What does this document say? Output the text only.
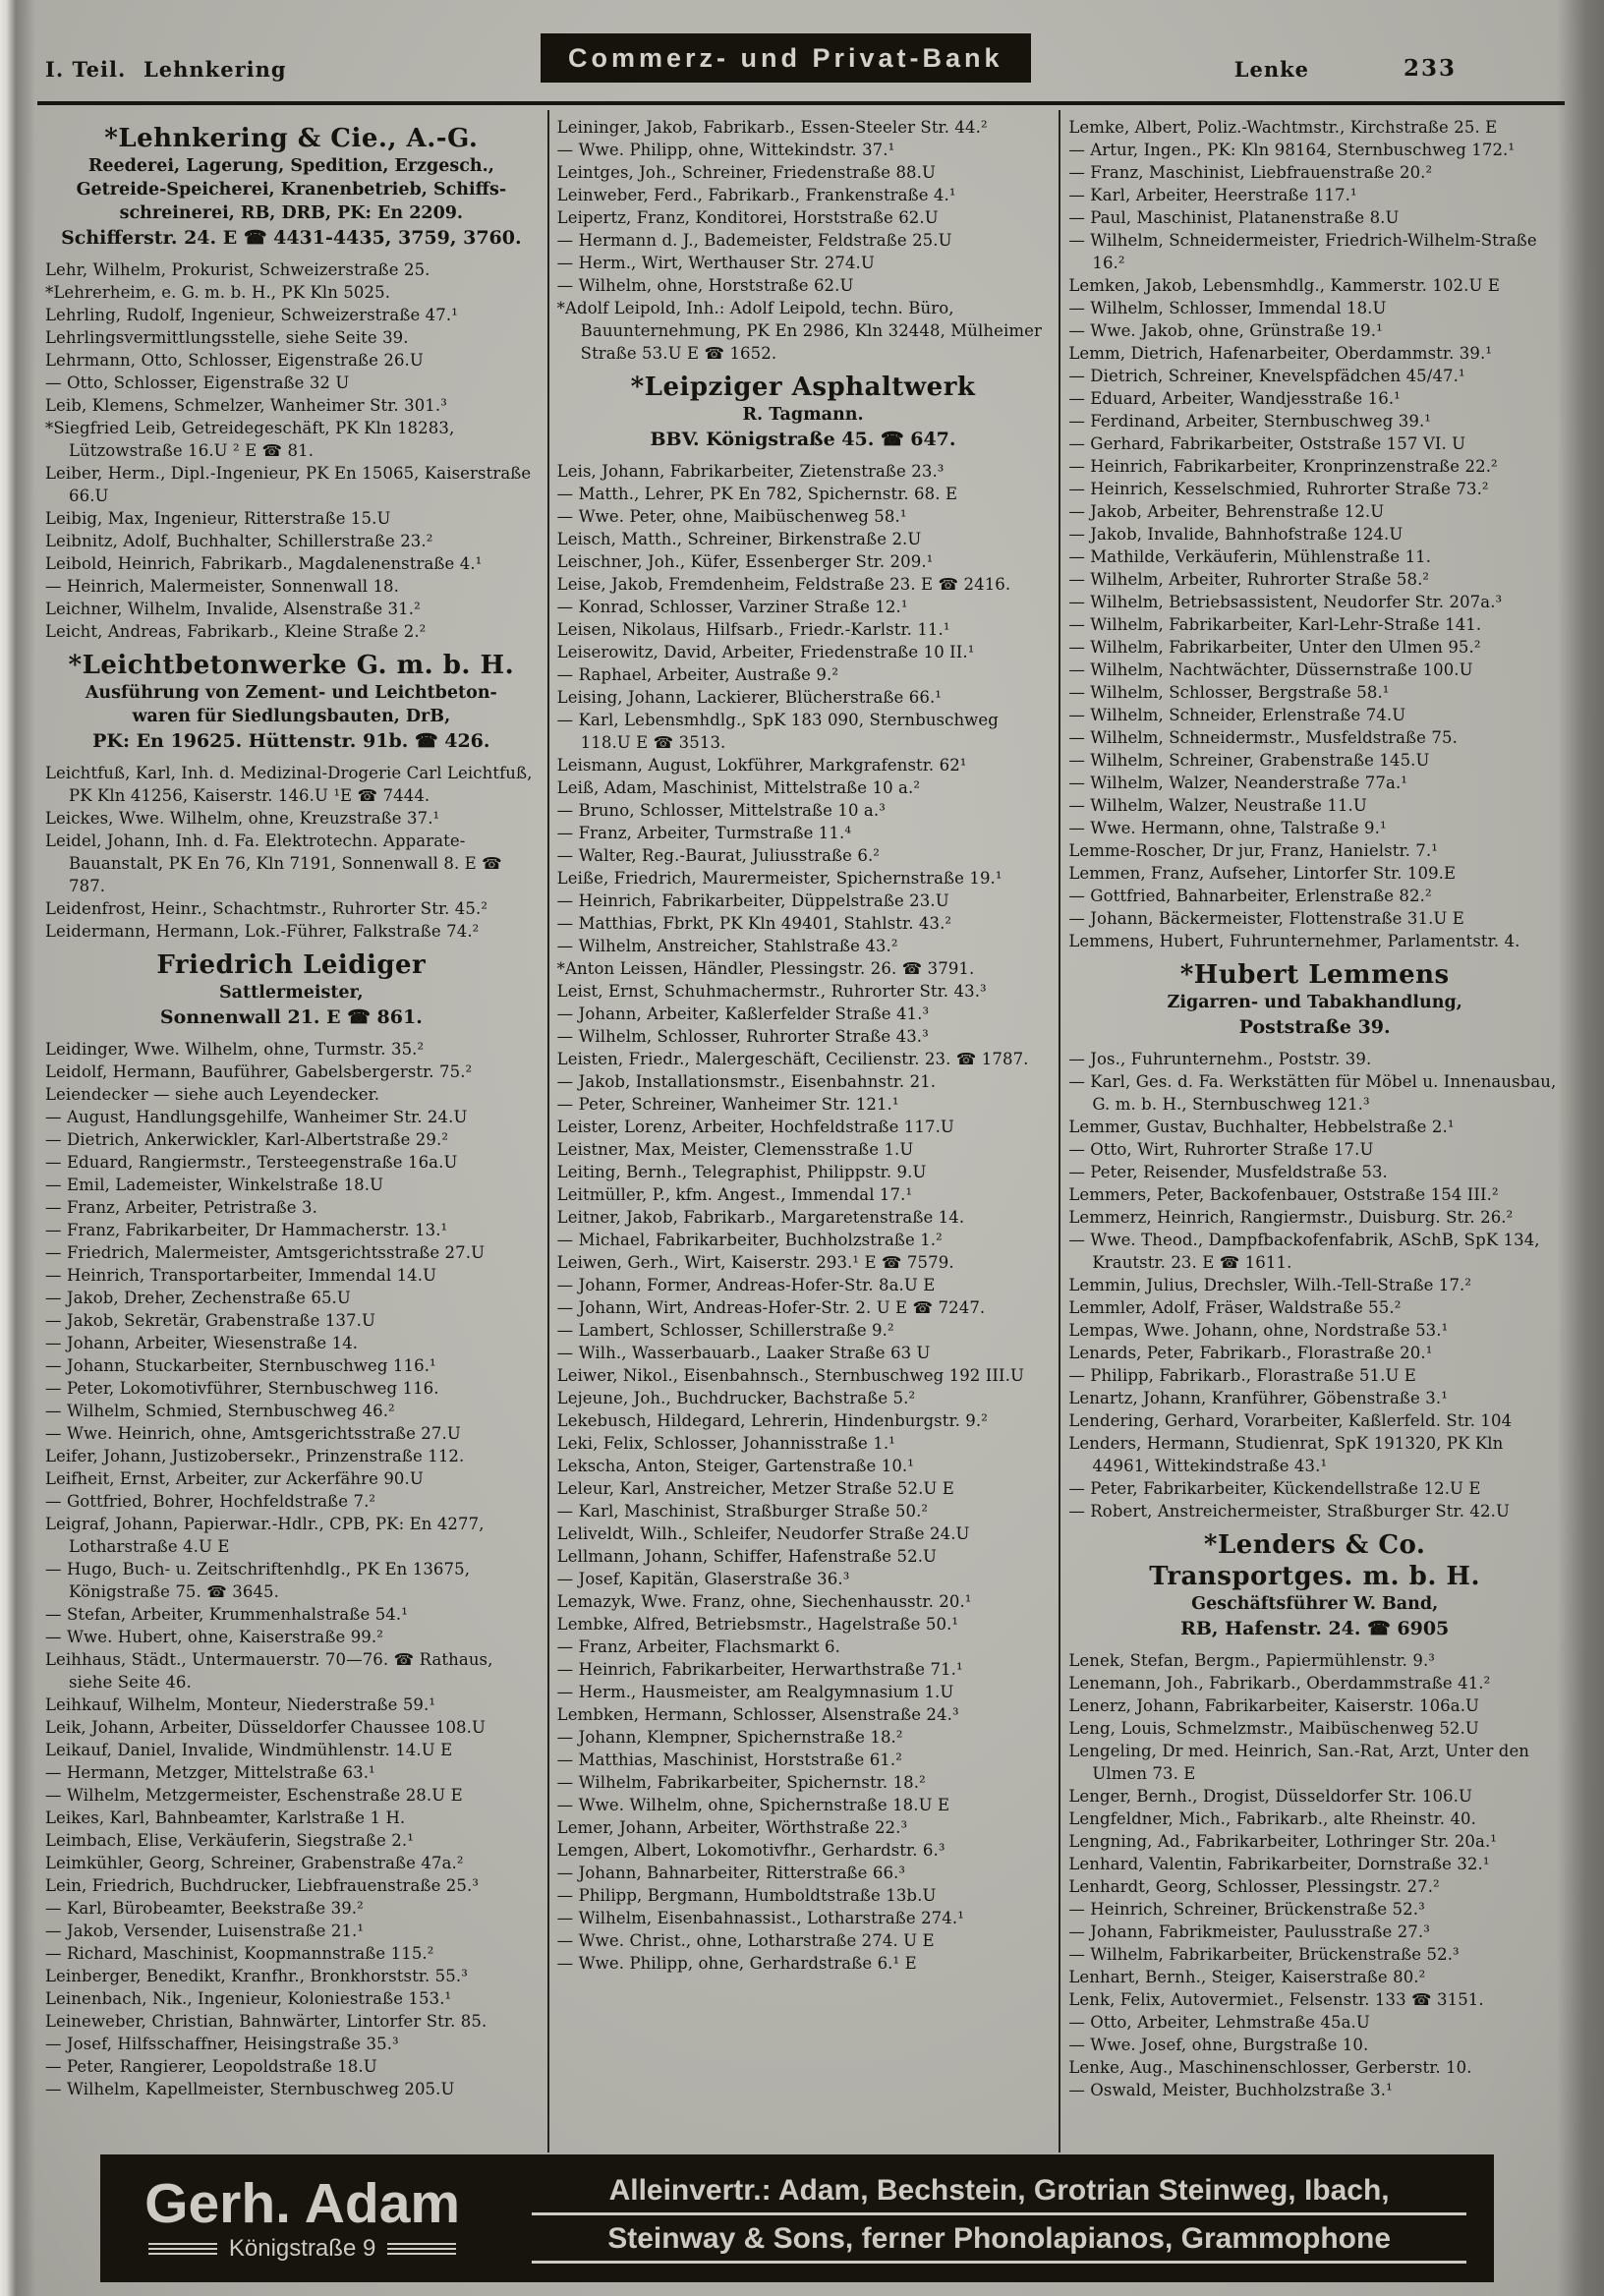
I. Teil. Lehnkering	Commerz- und Privat-Bank	Lenke	233
*Lehnkering & Cie., A.-G.
Reederei, Lagerung, Spedition, Erzgesch.,
Getreide-Speicherei, Kranenbetrieb, Schiffs-
schreinerei, RB, DRB, PK: En 2209.
Schifferstr. 24. E ☎ 4431-4435, 3759, 3760.
Lehr, Wilhelm, Prokurist, Schweizerstraße 25.
*Lehrerheim, e. G. m. b. H., PK Kln 5025.
Lehrling, Rudolf, Ingenieur, Schweizerstraße 47.¹
Lehrlingsvermittlungsstelle, siehe Seite 39.
Lehrmann, Otto, Schlosser, Eigenstraße 26.U
— Otto, Schlosser, Eigenstraße 32 U
Leib, Klemens, Schmelzer, Wanheimer Str. 301.³
*Siegfried Leib, Getreidegeschäft, PK Kln 18283, Lützowstraße 16.U ² E ☎ 81.
Leiber, Herm., Dipl.-Ingenieur, PK En 15065, Kaiserstraße 66.U
Leibig, Max, Ingenieur, Ritterstraße 15.U
Leibnitz, Adolf, Buchhalter, Schillerstraße 23.²
Leibold, Heinrich, Fabrikarb., Magdalenenstraße 4.¹
— Heinrich, Malermeister, Sonnenwall 18.
Leichner, Wilhelm, Invalide, Alsenstraße 31.²
Leicht, Andreas, Fabrikarb., Kleine Straße 2.²
*Leichtbetonwerke G. m. b. H.
Ausführung von Zement- und Leichtbeton-
waren für Siedlungsbauten, DrB,
PK: En 19625. Hüttenstr. 91b. ☎ 426.
Leichtfuß, Karl, Inh. d. Medizinal-Drogerie Carl Leichtfuß, PK Kln 41256, Kaiserstr. 146.U ¹E ☎ 7444.
Leickes, Wwe. Wilhelm, ohne, Kreuzstraße 37.¹
Leidel, Johann, Inh. d. Fa. Elektrotechn. Apparate-Bauanstalt, PK En 76, Kln 7191, Sonnenwall 8. E ☎ 787.
Leidenfrost, Heinr., Schachtmstr., Ruhrorter Str. 45.²
Leidermann, Hermann, Lok.-Führer, Falkstraße 74.²
Friedrich Leidiger
Sattlermeister,
Sonnenwall 21. E ☎ 861.
Leidinger, Wwe. Wilhelm, ohne, Turmstr. 35.²
Leidolf, Hermann, Bauführer, Gabelsbergerstr. 75.²
Leiendecker — siehe auch Leyendecker.
— August, Handlungsgehilfe, Wanheimer Str. 24.U
— Dietrich, Ankerwickler, Karl-Albertstraße 29.²
— Eduard, Rangiermstr., Tersteegenstraße 16a.U
— Emil, Lademeister, Winkelstraße 18.U
— Franz, Arbeiter, Petristraße 3.
— Franz, Fabrikarbeiter, Dr Hammacherstr. 13.¹
— Friedrich, Malermeister, Amtsgerichtsstraße 27.U
— Heinrich, Transportarbeiter, Immendal 14.U
— Jakob, Dreher, Zechenstraße 65.U
— Jakob, Sekretär, Grabenstraße 137.U
— Johann, Arbeiter, Wiesenstraße 14.
— Johann, Stuckarbeiter, Sternbuschweg 116.¹
— Peter, Lokomotivführer, Sternbuschweg 116.
— Wilhelm, Schmied, Sternbuschweg 46.²
— Wwe. Heinrich, ohne, Amtsgerichtsstraße 27.U
Leifer, Johann, Justizobersekr., Prinzenstraße 112.
Leifheit, Ernst, Arbeiter, zur Ackerfähre 90.U
— Gottfried, Bohrer, Hochfeldstraße 7.²
Leigraf, Johann, Papierwar.-Hdlr., CPB, PK: En 4277, Lotharstraße 4.U E
— Hugo, Buch- u. Zeitschriftenhdlg., PK En 13675, Königstraße 75. ☎ 3645.
— Stefan, Arbeiter, Krummenhalstraße 54.¹
— Wwe. Hubert, ohne, Kaiserstraße 99.²
Leihhaus, Städt., Untermauerstr. 70—76. ☎ Rathaus, siehe Seite 46.
Leihkauf, Wilhelm, Monteur, Niederstraße 59.¹
Leik, Johann, Arbeiter, Düsseldorfer Chaussee 108.U
Leikauf, Daniel, Invalide, Windmühlenstr. 14.U E
— Hermann, Metzger, Mittelstraße 63.¹
— Wilhelm, Metzgermeister, Eschenstraße 28.U E
Leikes, Karl, Bahnbeamter, Karlstraße 1 H.
Leimbach, Elise, Verkäuferin, Siegstraße 2.¹
Leimkühler, Georg, Schreiner, Grabenstraße 47a.²
Lein, Friedrich, Buchdrucker, Liebfrauenstraße 25.³
— Karl, Bürobeamter, Beekstraße 39.²
— Jakob, Versender, Luisenstraße 21.¹
— Richard, Maschinist, Koopmannstraße 115.²
Leinberger, Benedikt, Kranfhr., Bronkhorststr. 55.³
Leinenbach, Nik., Ingenieur, Koloniestraße 153.¹
Leineweber, Christian, Bahnwärter, Lintorfer Str. 85.
— Josef, Hilfsschaffner, Heisingstraße 35.³
— Peter, Rangierer, Leopoldstraße 18.U
— Wilhelm, Kapellmeister, Sternbuschweg 205.U
Leininger, Jakob, Fabrikarb., Essen-Steeler Str. 44.²
— Wwe. Philipp, ohne, Wittekindstr. 37.¹
Leintges, Joh., Schreiner, Friedenstraße 88.U
Leinweber, Ferd., Fabrikarb., Frankenstraße 4.¹
Leipertz, Franz, Konditorei, Horststraße 62.U
— Hermann d. J., Bademeister, Feldstraße 25.U
— Herm., Wirt, Werthauser Str. 274.U
— Wilhelm, ohne, Horststraße 62.U
*Adolf Leipold, Inh.: Adolf Leipold, techn. Büro, Bauunternehmung, PK En 2986, Kln 32448, Mülheimer Straße 53.U E ☎ 1652.
*Leipziger Asphaltwerk
R. Tagmann.
BBV. Königstraße 45. ☎ 647.
Leis, Johann, Fabrikarbeiter, Zietenstraße 23.³
— Matth., Lehrer, PK En 782, Spichernstr. 68. E
— Wwe. Peter, ohne, Maibüschenweg 58.¹
Leisch, Matth., Schreiner, Birkenstraße 2.U
Leischner, Joh., Küfer, Essenberger Str. 209.¹
Leise, Jakob, Fremdenheim, Feldstraße 23. E ☎ 2416.
— Konrad, Schlosser, Varziner Straße 12.¹
Leisen, Nikolaus, Hilfsarb., Friedr.-Karlstr. 11.¹
Leiserowitz, David, Arbeiter, Friedenstraße 10 II.¹
— Raphael, Arbeiter, Austraße 9.²
Leising, Johann, Lackierer, Blücherstraße 66.¹
— Karl, Lebensmhdlg., SpK 183 090, Sternbuschweg 118.U E ☎ 3513.
Leismann, August, Lokführer, Markgrafenstr. 62¹
Leiß, Adam, Maschinist, Mittelstraße 10 a.²
— Bruno, Schlosser, Mittelstraße 10 a.³
— Franz, Arbeiter, Turmstraße 11.⁴
— Walter, Reg.-Baurat, Juliusstraße 6.²
Leiße, Friedrich, Maurermeister, Spichernstraße 19.¹
— Heinrich, Fabrikarbeiter, Düppelstraße 23.U
— Matthias, Fbrkt, PK Kln 49401, Stahlstr. 43.²
— Wilhelm, Anstreicher, Stahlstraße 43.²
*Anton Leissen, Händler, Plessingstr. 26. ☎ 3791.
Leist, Ernst, Schuhmachermstr., Ruhrorter Str. 43.³
— Johann, Arbeiter, Kaßlerfelder Straße 41.³
— Wilhelm, Schlosser, Ruhrorter Straße 43.³
Leisten, Friedr., Malergeschäft, Cecilienstr. 23. ☎ 1787.
— Jakob, Installationsmstr., Eisenbahnstr. 21.
— Peter, Schreiner, Wanheimer Str. 121.¹
Leister, Lorenz, Arbeiter, Hochfeldstraße 117.U
Leistner, Max, Meister, Clemensstraße 1.U
Leiting, Bernh., Telegraphist, Philippstr. 9.U
Leitmüller, P., kfm. Angest., Immendal 17.¹
Leitner, Jakob, Fabrikarb., Margaretenstraße 14.
— Michael, Fabrikarbeiter, Buchholzstraße 1.²
Leiwen, Gerh., Wirt, Kaiserstr. 293.¹ E ☎ 7579.
— Johann, Former, Andreas-Hofer-Str. 8a.U E
— Johann, Wirt, Andreas-Hofer-Str. 2. U E ☎ 7247.
— Lambert, Schlosser, Schillerstraße 9.²
— Wilh., Wasserbauarb., Laaker Straße 63 U
Leiwer, Nikol., Eisenbahnsch., Sternbuschweg 192 III.U
Lejeune, Joh., Buchdrucker, Bachstraße 5.²
Lekebusch, Hildegard, Lehrerin, Hindenburgstr. 9.²
Leki, Felix, Schlosser, Johannisstraße 1.¹
Lekscha, Anton, Steiger, Gartenstraße 10.¹
Leleur, Karl, Anstreicher, Metzer Straße 52.U E
— Karl, Maschinist, Straßburger Straße 50.²
Leliveldt, Wilh., Schleifer, Neudorfer Straße 24.U
Lellmann, Johann, Schiffer, Hafenstraße 52.U
— Josef, Kapitän, Glaserstraße 36.³
Lemazyk, Wwe. Franz, ohne, Siechenhausstr. 20.¹
Lembke, Alfred, Betriebsmstr., Hagelstraße 50.¹
— Franz, Arbeiter, Flachsmarkt 6.
— Heinrich, Fabrikarbeiter, Herwarthstraße 71.¹
— Herm., Hausmeister, am Realgymnasium 1.U
Lembken, Hermann, Schlosser, Alsenstraße 24.³
— Johann, Klempner, Spichernstraße 18.²
— Matthias, Maschinist, Horststraße 61.²
— Wilhelm, Fabrikarbeiter, Spichernstr. 18.²
— Wwe. Wilhelm, ohne, Spichernstraße 18.U E
Lemer, Johann, Arbeiter, Wörthstraße 22.³
Lemgen, Albert, Lokomotivfhr., Gerhardstr. 6.³
— Johann, Bahnarbeiter, Ritterstraße 66.³
— Philipp, Bergmann, Humboldtstraße 13b.U
— Wilhelm, Eisenbahnassist., Lotharstraße 274.¹
— Wwe. Christ., ohne, Lotharstraße 274. U E
— Wwe. Philipp, ohne, Gerhardstraße 6.¹ E
Lemke, Albert, Poliz.-Wachtmstr., Kirchstraße 25. E
— Artur, Ingen., PK: Kln 98164, Sternbuschweg 172.¹
— Franz, Maschinist, Liebfrauenstraße 20.²
— Karl, Arbeiter, Heerstraße 117.¹
— Paul, Maschinist, Platanenstraße 8.U
— Wilhelm, Schneidermeister, Friedrich-Wilhelm-Straße 16.²
Lemken, Jakob, Lebensmhdlg., Kammerstr. 102.U E
— Wilhelm, Schlosser, Immendal 18.U
— Wwe. Jakob, ohne, Grünstraße 19.¹
Lemm, Dietrich, Hafenarbeiter, Oberdammstr. 39.¹
— Dietrich, Schreiner, Knevelspfädchen 45/47.¹
— Eduard, Arbeiter, Wandjesstraße 16.¹
— Ferdinand, Arbeiter, Sternbuschweg 39.¹
— Gerhard, Fabrikarbeiter, Oststraße 157 VI. U
— Heinrich, Fabrikarbeiter, Kronprinzenstraße 22.²
— Heinrich, Kesselschmied, Ruhrorter Straße 73.²
— Jakob, Arbeiter, Behrenstraße 12.U
— Jakob, Invalide, Bahnhofstraße 124.U
— Mathilde, Verkäuferin, Mühlenstraße 11.
— Wilhelm, Arbeiter, Ruhrorter Straße 58.²
— Wilhelm, Betriebsassistent, Neudorfer Str. 207a.³
— Wilhelm, Fabrikarbeiter, Karl-Lehr-Straße 141.
— Wilhelm, Fabrikarbeiter, Unter den Ulmen 95.²
— Wilhelm, Nachtwächter, Düssernstraße 100.U
— Wilhelm, Schlosser, Bergstraße 58.¹
— Wilhelm, Schneider, Erlenstraße 74.U
— Wilhelm, Schneidermstr., Musfeldstraße 75.
— Wilhelm, Schreiner, Grabenstraße 145.U
— Wilhelm, Walzer, Neanderstraße 77a.¹
— Wilhelm, Walzer, Neustraße 11.U
— Wwe. Hermann, ohne, Talstraße 9.¹
Lemme-Roscher, Dr jur, Franz, Hanielstr. 7.¹
Lemmen, Franz, Aufseher, Lintorfer Str. 109.E
— Gottfried, Bahnarbeiter, Erlenstraße 82.²
— Johann, Bäckermeister, Flottenstraße 31.U E
Lemmens, Hubert, Fuhrunternehmer, Parlamentstr. 4.
*Hubert Lemmens
Zigarren- und Tabakhandlung,
Poststraße 39.
— Jos., Fuhrunternehm., Poststr. 39.
— Karl, Ges. d. Fa. Werkstätten für Möbel u. Innenausbau, G. m. b. H., Sternbuschweg 121.³
Lemmer, Gustav, Buchhalter, Hebbelstraße 2.¹
— Otto, Wirt, Ruhrorter Straße 17.U
— Peter, Reisender, Musfeldstraße 53.
Lemmers, Peter, Backofenbauer, Oststraße 154 III.²
Lemmerz, Heinrich, Rangiermstr., Duisburg. Str. 26.²
— Wwe. Theod., Dampfbackofenfabrik, ASchB, SpK 134, Krautstr. 23. E ☎ 1611.
Lemmin, Julius, Drechsler, Wilh.-Tell-Straße 17.²
Lemmler, Adolf, Fräser, Waldstraße 55.²
Lempas, Wwe. Johann, ohne, Nordstraße 53.¹
Lenards, Peter, Fabrikarb., Florastraße 20.¹
— Philipp, Fabrikarb., Florastraße 51.U E
Lenartz, Johann, Kranführer, Göbenstraße 3.¹
Lendering, Gerhard, Vorarbeiter, Kaßlerfeld. Str. 104
Lenders, Hermann, Studienrat, SpK 191320, PK Kln 44961, Wittekindstraße 43.¹
— Peter, Fabrikarbeiter, Kückendellstraße 12.U E
— Robert, Anstreichermeister, Straßburger Str. 42.U
*Lenders & Co.
Transportges. m. b. H.
Geschäftsführer W. Band,
RB, Hafenstr. 24. ☎ 6905
Lenek, Stefan, Bergm., Papiermühlenstr. 9.³
Lenemann, Joh., Fabrikarb., Oberdammstraße 41.²
Lenerz, Johann, Fabrikarbeiter, Kaiserstr. 106a.U
Leng, Louis, Schmelzmstr., Maibüschenweg 52.U
Lengeling, Dr med. Heinrich, San.-Rat, Arzt, Unter den Ulmen 73. E
Lenger, Bernh., Drogist, Düsseldorfer Str. 106.U
Lengfeldner, Mich., Fabrikarb., alte Rheinstr. 40.
Lengning, Ad., Fabrikarbeiter, Lothringer Str. 20a.¹
Lenhard, Valentin, Fabrikarbeiter, Dornstraße 32.¹
Lenhardt, Georg, Schlosser, Plessingstr. 27.²
— Heinrich, Schreiner, Brückenstraße 52.³
— Johann, Fabrikmeister, Paulusstraße 27.³
— Wilhelm, Fabrikarbeiter, Brückenstraße 52.³
Lenhart, Bernh., Steiger, Kaiserstraße 80.²
Lenk, Felix, Autovermiet., Felsenstr. 133 ☎ 3151.
— Otto, Arbeiter, Lehmstraße 45a.U
— Wwe. Josef, ohne, Burgstraße 10.
Lenke, Aug., Maschinenschlosser, Gerberstr. 10.
— Oswald, Meister, Buchholzstraße 3.¹
Gerh. Adam
Königstraße 9
Alleinvertr.: Adam, Bechstein, Grotrian Steinweg, Ibach,
Steinway & Sons, ferner Phonolapianos, Grammophone
